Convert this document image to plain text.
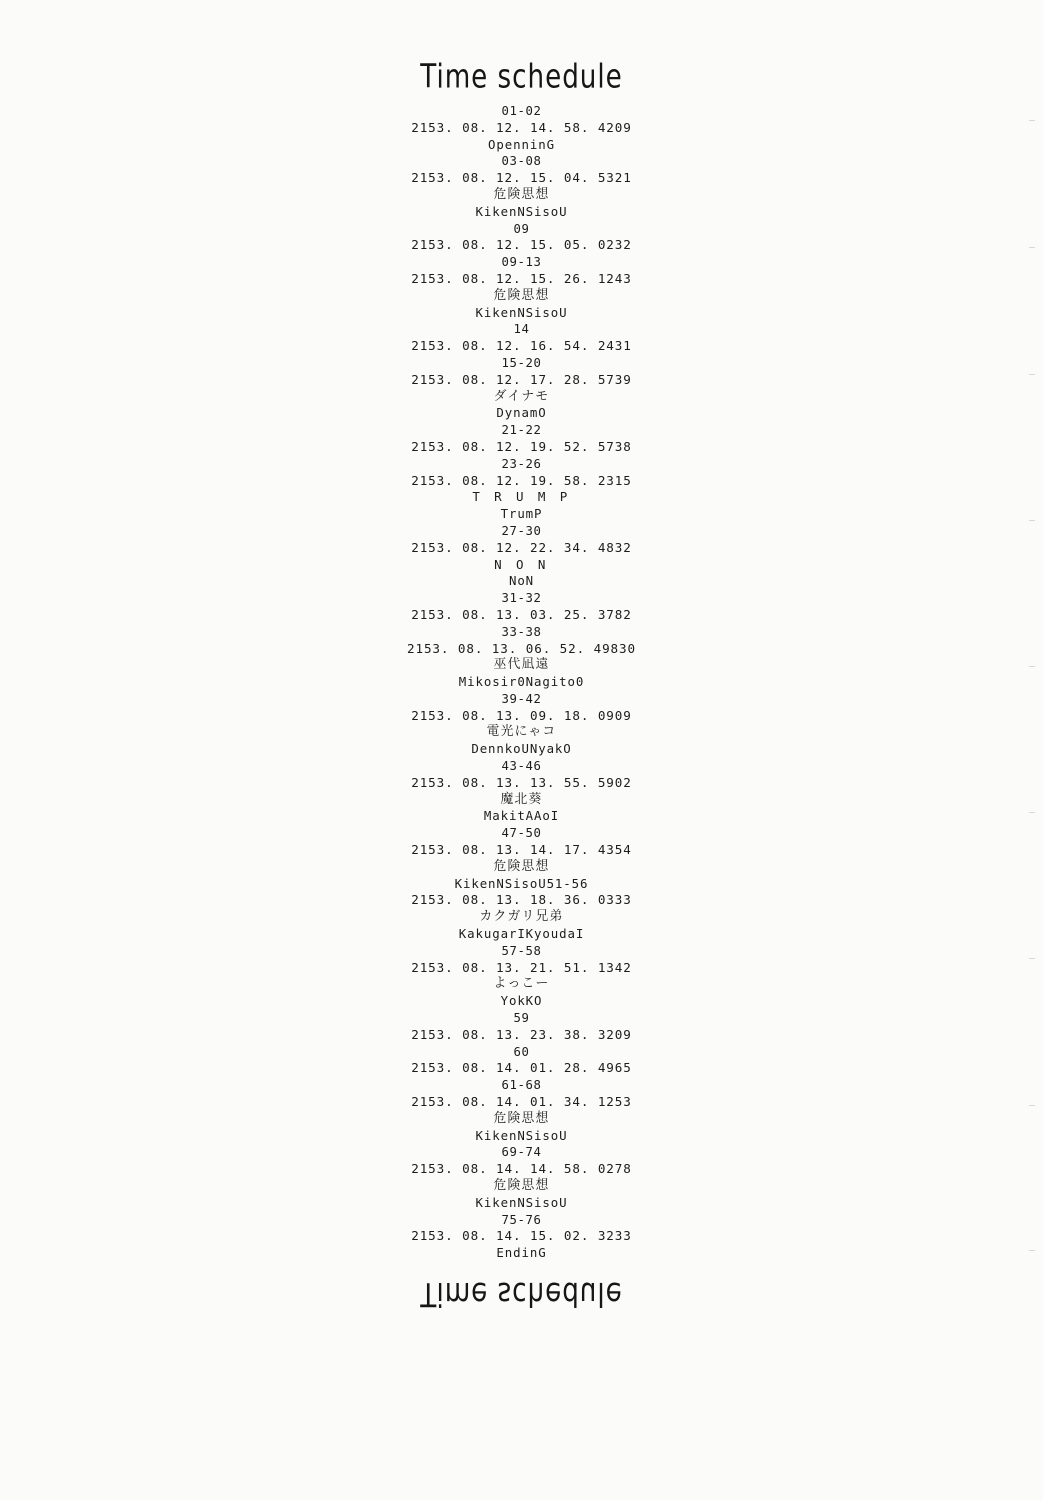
Time schedule
01-02
2153. 08. 12. 14. 58. 4209
OpenninG
03-08
2153. 08. 12. 15. 04. 5321
危険思想
KikenNSisoU
09
2153. 08. 12. 15. 05. 0232
09-13
2153. 08. 12. 15. 26. 1243
危険思想
KikenNSisoU
14
2153. 08. 12. 16. 54. 2431
15-20
2153. 08. 12. 17. 28. 5739
ダイナモ
DynamO
21-22
2153. 08. 12. 19. 52. 5738
23-26
2153. 08. 12. 19. 58. 2315
T R U M P
TrumP
27-30
2153. 08. 12. 22. 34. 4832
N O N
NoN
31-32
2153. 08. 13. 03. 25. 3782
33-38
2153. 08. 13. 06. 52. 49830
巫代凪遠
Mikosir0Nagito0
39-42
2153. 08. 13. 09. 18. 0909
電光にゃコ
DennkoUNyakO
43-46
2153. 08. 13. 13. 55. 5902
魔北葵
MakitAAoI
47-50
2153. 08. 13. 14. 17. 4354
危険思想
KikenNSisoU51-56
2153. 08. 13. 18. 36. 0333
カクガリ兄弟
KakugarIKyoudaI
57-58
2153. 08. 13. 21. 51. 1342
よっこー
YokKO
59
2153. 08. 13. 23. 38. 3209
60
2153. 08. 14. 01. 28. 4965
61-68
2153. 08. 14. 01. 34. 1253
危険思想
KikenNSisoU
69-74
2153. 08. 14. 14. 58. 0278
危険思想
KikenNSisoU
75-76
2153. 08. 14. 15. 02. 3233
EndinG
Time schedule
